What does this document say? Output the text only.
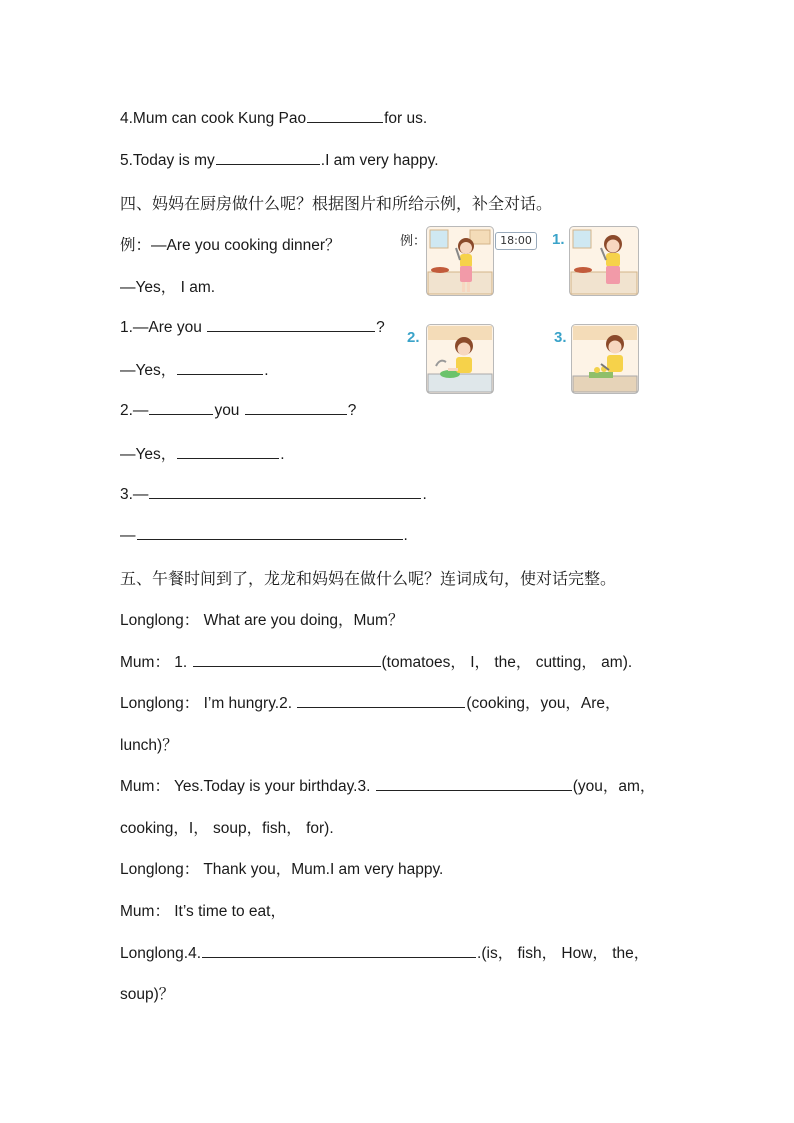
4.Mum can cook Kung Pao	for us.
5.Today is my	.I am very happy.
四、妈妈在厨房做什么呢？根据图片和所给示例，补全对话。
例：—Are you cooking dinner？
—Yes， I am.
1.—Are you	?
—Yes，	.
2.—	you	?
—Yes，	.
3.—	.
—	.
例：	18:00	1.
2.	3.
五、午餐时间到了，龙龙和妈妈在做什么呢？连词成句，使对话完整。
Longlong： What are you doing，Mum？
Mum： 1.	(tomatoes， I， the， cutting， am).
Longlong： I’m hungry.2.	(cooking，you，Are，
lunch)？
Mum： Yes.Today is your birthday.3.	(you，am，
cooking，I， soup，fish， for).
Longlong： Thank you，Mum.I am very happy.
Mum： It’s time to eat，
Longlong.4.	.(is， fish， How， the，
soup)？
